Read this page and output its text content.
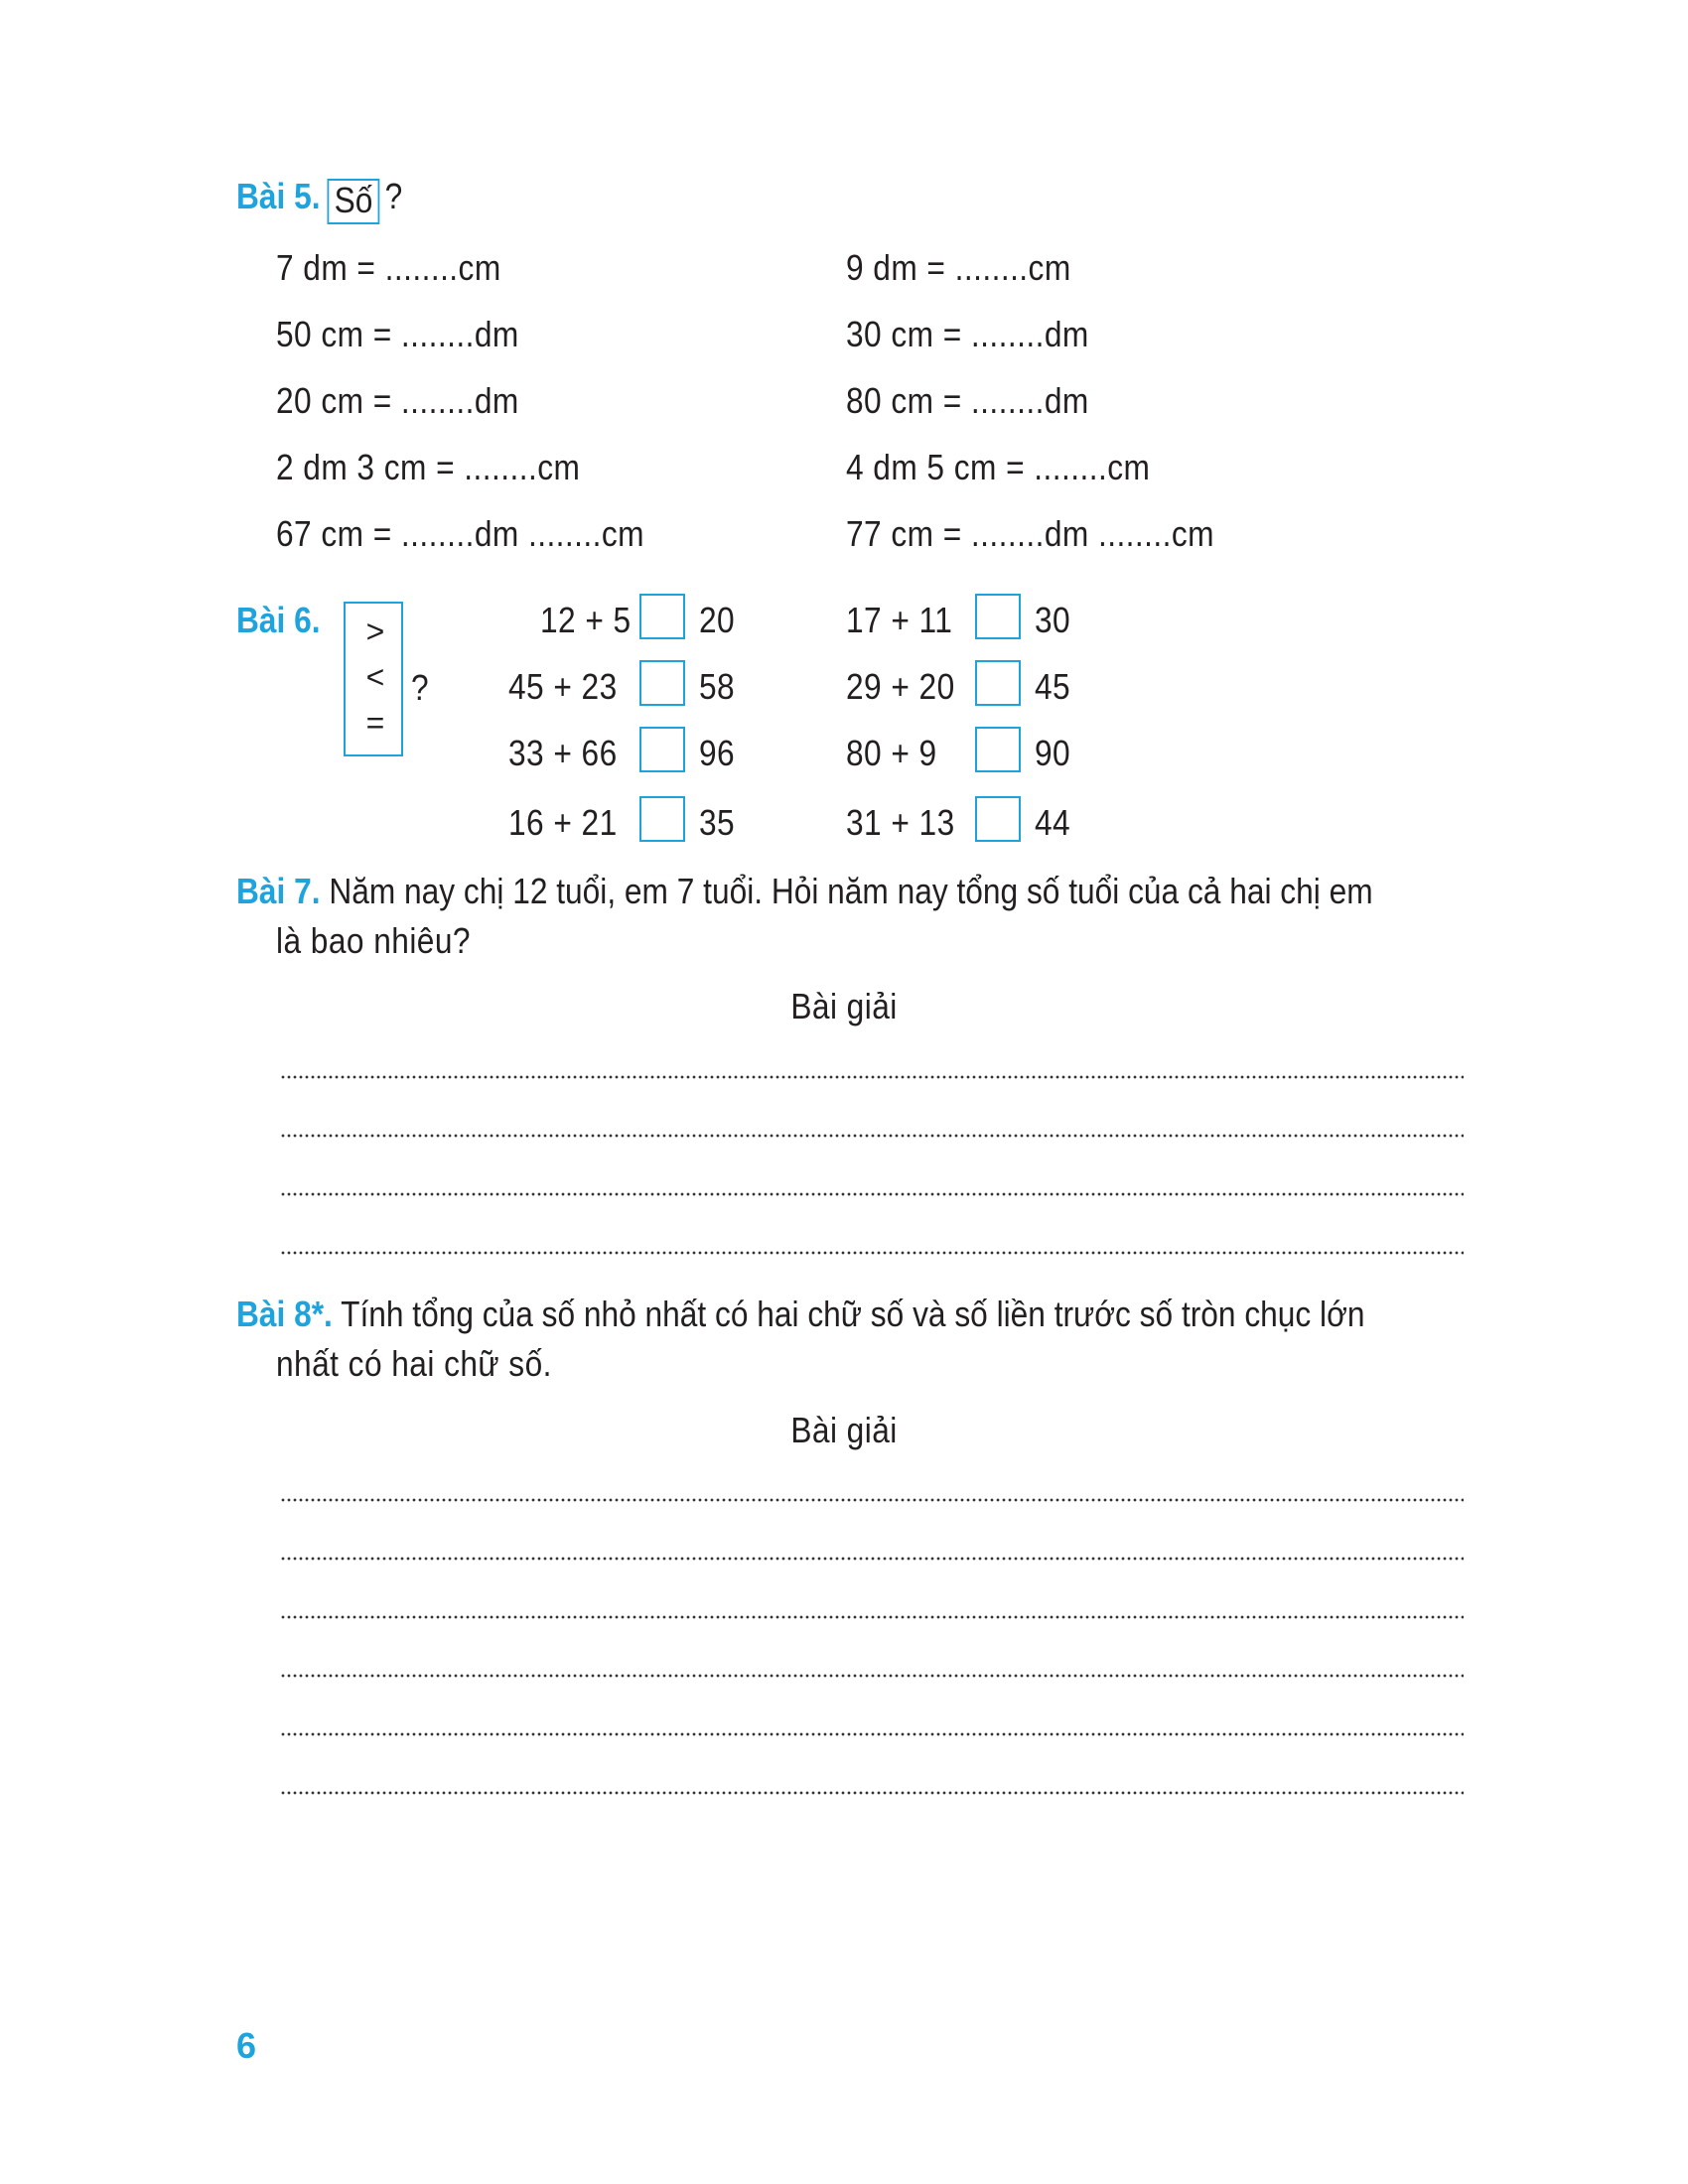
Bài 5. Số ?
7 dm = ........cm
50 cm = ........dm
20 cm = ........dm
2 dm 3 cm = ........cm
67 cm = ........dm ........cm
9 dm = ........cm
30 cm = ........dm
80 cm = ........dm
4 dm 5 cm = ........cm
77 cm = ........dm ........cm
Bài 6.	>
<
=
?
12 + 5 20
45 + 23 58
33 + 66 96
16 + 21 35
17 + 11 30
29 + 20 45
80 + 9	90
31 + 13 44
Bài 7. Năm nay chị 12 tuổi, em 7 tuổi. Hỏi năm nay tổng số tuổi của cả hai chị em
là bao nhiêu?
Bài giải
Bài 8*. Tính tổng của số nhỏ nhất có hai chữ số và số liền trước số tròn chục lớn
nhất có hai chữ số.
Bài giải
6
